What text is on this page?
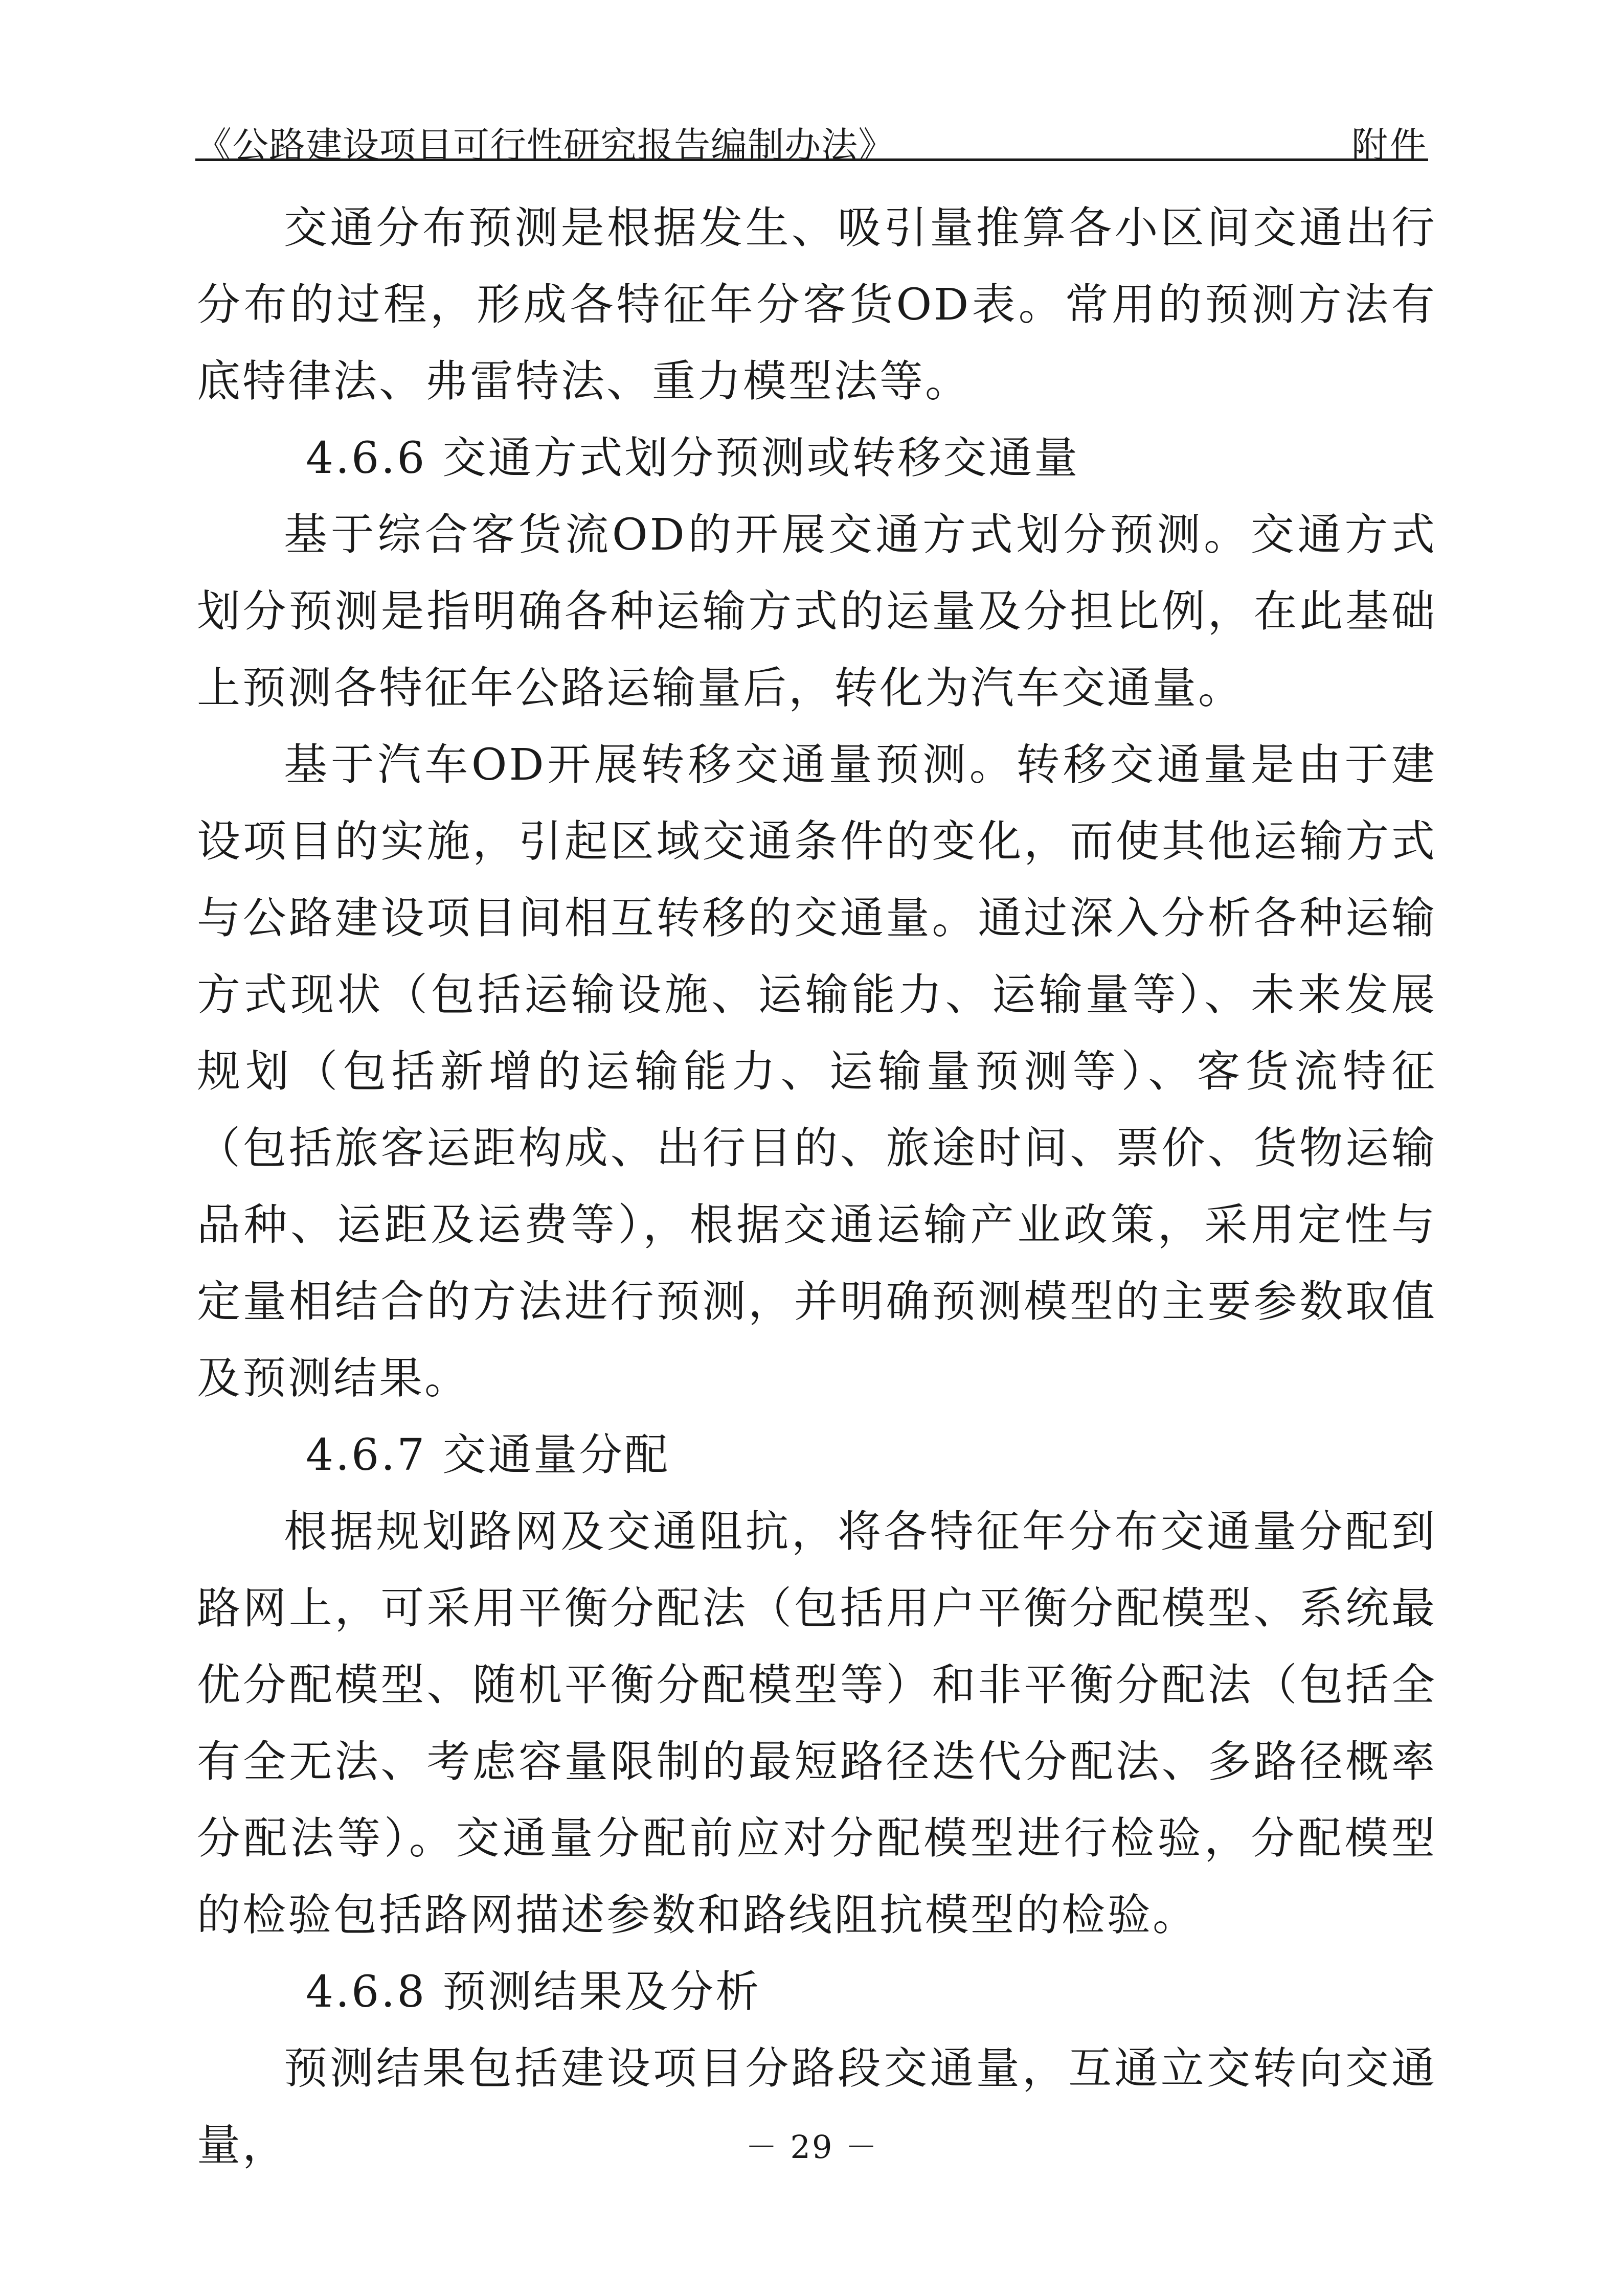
《公路建设项目可行性研究报告编制办法》	附件

交通分布预测是根据发生、吸引量推算各小区间交通出行分布的过程，形成各特征年分客货OD表。常用的预测方法有底特律法、弗雷特法、重力模型法等。

4.6.6 交通方式划分预测或转移交通量

基于综合客货流OD的开展交通方式划分预测。交通方式划分预测是指明确各种运输方式的运量及分担比例，在此基础上预测各特征年公路运输量后，转化为汽车交通量。

基于汽车OD开展转移交通量预测。转移交通量是由于建设项目的实施，引起区域交通条件的变化，而使其他运输方式与公路建设项目间相互转移的交通量。通过深入分析各种运输方式现状（包括运输设施、运输能力、运输量等）、未来发展规划（包括新增的运输能力、运输量预测等）、客货流特征（包括旅客运距构成、出行目的、旅途时间、票价、货物运输品种、运距及运费等），根据交通运输产业政策，采用定性与定量相结合的方法进行预测，并明确预测模型的主要参数取值及预测结果。

4.6.7 交通量分配

根据规划路网及交通阻抗，将各特征年分布交通量分配到路网上，可采用平衡分配法（包括用户平衡分配模型、系统最优分配模型、随机平衡分配模型等）和非平衡分配法（包括全有全无法、考虑容量限制的最短路径迭代分配法、多路径概率分配法等）。交通量分配前应对分配模型进行检验，分配模型的检验包括路网描述参数和路线阻抗模型的检验。

4.6.8 预测结果及分析

预测结果包括建设项目分路段交通量，互通立交转向交通量，	－ 29 －
